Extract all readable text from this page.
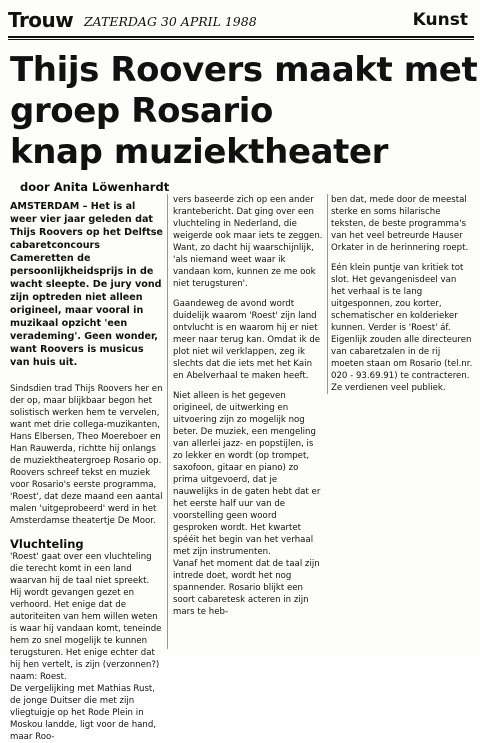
Trouw ZATERDAG 30 APRIL 1988	Kunst
Thijs Roovers maakt met
groep Rosario
knap muziektheater
door Anita Löwenhardt

AMSTERDAM – Het is al weer vier jaar geleden dat Thijs Roovers op het Delftse cabaretconcours Cameretten de persoonlijkheidsprijs in de wacht sleepte. De jury vond zijn optreden niet alleen origineel, maar vooral in muzikaal opzicht 'een verademing'. Geen wonder, want Roovers is musicus van huis uit.

Sindsdien trad Thijs Roovers her en der op, maar blijkbaar begon het solistisch werken hem te vervelen, want met drie collega-muzikanten, Hans Elbersen, Theo Moereboer en Han Rauwerda, richtte hij onlangs de muziektheatergroep Rosario op. Roovers schreef tekst en muziek voor Rosario's eerste programma, 'Roest', dat deze maand een aantal malen 'uitgeprobeerd' werd in het Amsterdamse theatertje De Moor.

Vluchteling

'Roest' gaat over een vluchteling die terecht komt in een land waarvan hij de taal niet spreekt. Hij wordt gevangen gezet en verhoord. Het enige dat de autoriteiten van hem willen weten is waar hij vandaan komt, teneinde hem zo snel mogelijk te kunnen terugsturen. Het enige echter dat hij hen vertelt, is zijn (verzonnen?) naam: Roest.

De vergelijking met Mathias Rust, de jonge Duitser die met zijn vliegtuigje op het Rode Plein in Moskou landde, ligt voor de hand, maar Roo-

vers baseerde zich op een ander krantebericht. Dat ging over een vluchteling in Nederland, die weigerde ook maar iets te zeggen. Want, zo dacht hij waarschijnlijk, 'als niemand weet waar ik vandaan kom, kunnen ze me ook niet terugsturen'.

Gaandeweg de avond wordt duidelijk waarom 'Roest' zijn land ontvlucht is en waarom hij er niet meer naar terug kan. Omdat ik de plot niet wil verklappen, zeg ik slechts dat die iets met het Kain en Abelverhaal te maken heeft.

Niet alleen is het gegeven origineel, de uitwerking en uitvoering zijn zo mogelijk nog beter. De muziek, een mengeling van allerlei jazz- en popstijlen, is zo lekker en wordt (op trompet, saxofoon, gitaar en piano) zo prima uitgevoerd, dat je nauwelijks in de gaten hebt dat er het eerste half uur van de voorstelling geen woord gesproken wordt. Het kwartet spééit het begin van het verhaal met zijn instrumenten.

Vanaf het moment dat de taal zijn intrede doet, wordt het nog spannender. Rosario blijkt een soort cabaretesk acteren in zijn mars te heb-

ben dat, mede door de meestal sterke en soms hilarische teksten, de beste programma's van het veel betreurde Hauser Orkater in de herinnering roept.

Eén klein puntje van kritiek tot slot. Het gevangenisdeel van het verhaal is te lang uitgesponnen, zou korter, schematischer en kolderieker kunnen. Verder is 'Roest' áf. Eigenlijk zouden alle directeuren van cabaretzalen in de rij moeten staan om Rosario (tel.nr. 020 - 93.69.91) te contracteren. Ze verdienen veel publiek.
